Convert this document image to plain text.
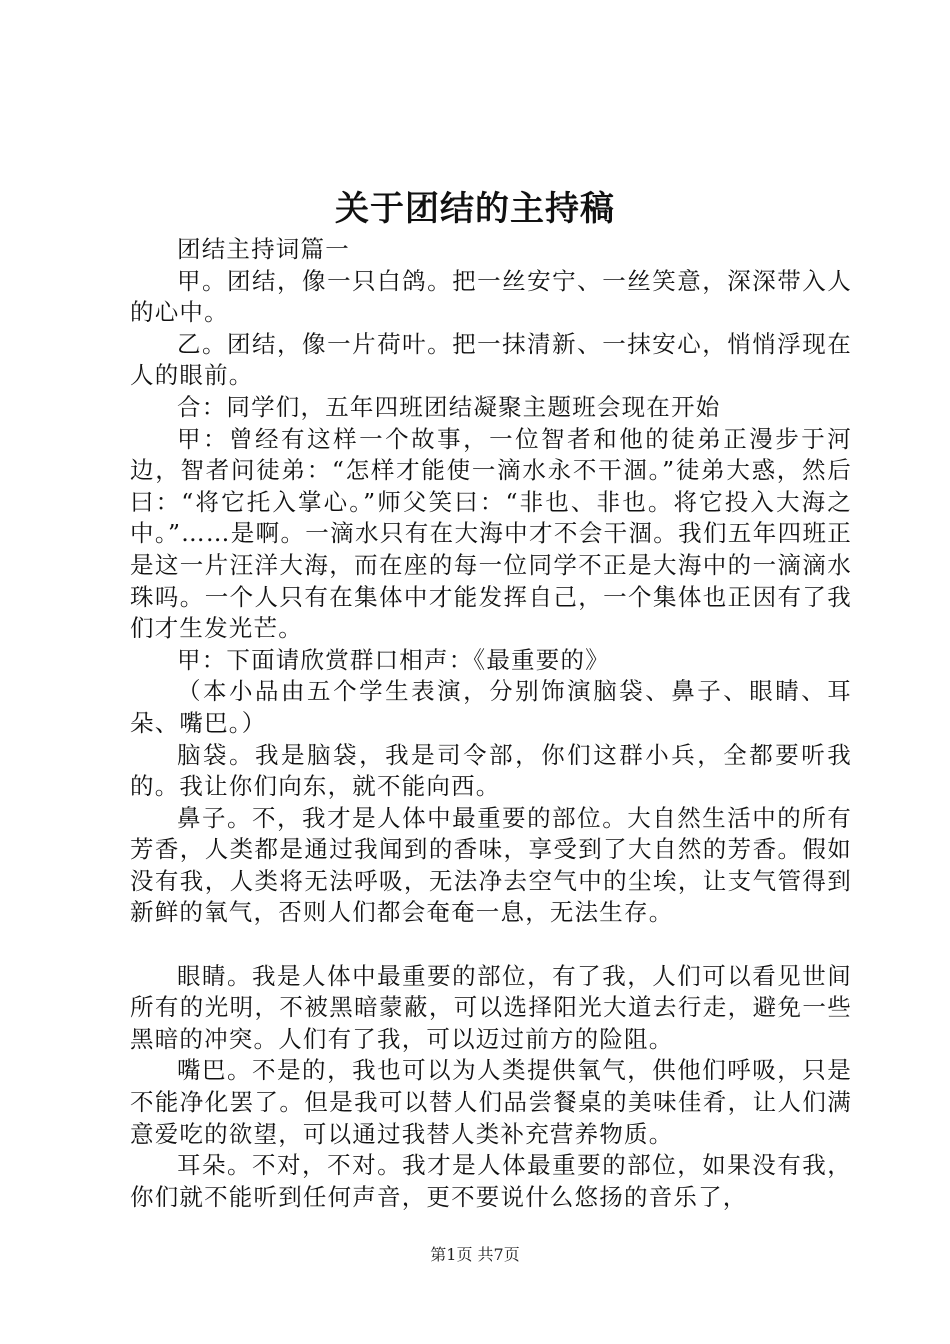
关于团结的主持稿

团结主持词篇一

甲。团结，像一只白鸽。把一丝安宁、一丝笑意，深深带入人的心中。

乙。团结，像一片荷叶。把一抹清新、一抹安心，悄悄浮现在人的眼前。

合：同学们，五年四班团结凝聚主题班会现在开始

甲：曾经有这样一个故事，一位智者和他的徒弟正漫步于河边，智者问徒弟：“怎样才能使一滴水永不干涸。”徒弟大惑，然后曰：“将它托入掌心。”师父笑曰：“非也、非也。将它投入大海之中。”……是啊。一滴水只有在大海中才不会干涸。我们五年四班正是这一片汪洋大海，而在座的每一位同学不正是大海中的一滴滴水珠吗。一个人只有在集体中才能发挥自己，一个集体也正因有了我们才生发光芒。

甲：下面请欣赏群口相声：《最重要的》

（本小品由五个学生表演，分别饰演脑袋、鼻子、眼睛、耳朵、嘴巴。）

脑袋。我是脑袋，我是司令部，你们这群小兵，全都要听我的。我让你们向东，就不能向西。

鼻子。不，我才是人体中最重要的部位。大自然生活中的所有芳香，人类都是通过我闻到的香味，享受到了大自然的芳香。假如没有我，人类将无法呼吸，无法净去空气中的尘埃，让支气管得到新鲜的氧气，否则人们都会奄奄一息，无法生存。

眼睛。我是人体中最重要的部位，有了我，人们可以看见世间所有的光明，不被黑暗蒙蔽，可以选择阳光大道去行走，避免一些黑暗的冲突。人们有了我，可以迈过前方的险阻。

嘴巴。不是的，我也可以为人类提供氧气，供他们呼吸，只是不能净化罢了。但是我可以替人们品尝餐桌的美味佳肴，让人们满意爱吃的欲望，可以通过我替人类补充营养物质。

耳朵。不对，不对。我才是人体最重要的部位，如果没有我，你们就不能听到任何声音，更不要说什么悠扬的音乐了，

第1页 共7页
